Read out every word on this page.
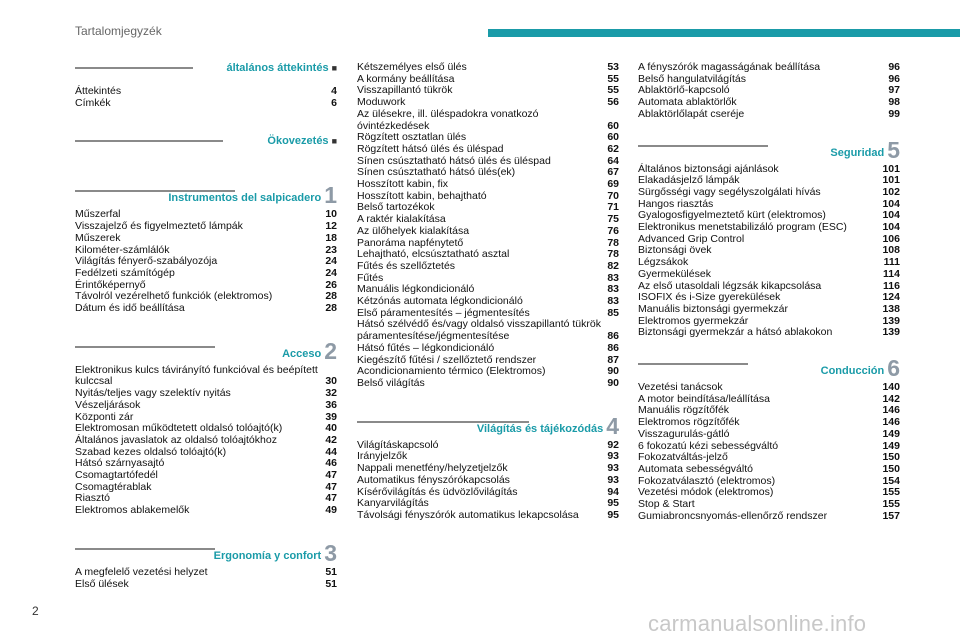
Tartalomjegyzék
általános áttekintés ■
Áttekintés	4
Címkék	6
Ökovezetés ■
Instrumentos del salpicadero 1
Műszerfal	10
Visszajelző és figyelmeztető lámpák	12
Műszerek	18
Kilométer-számlálók	23
Világítás fényerő-szabályozója	24
Fedélzeti számítógép	24
Érintőképernyő	26
Távolról vezérelhető funkciók (elektromos)	28
Dátum és idő beállítása	28
Acceso 2
Elektronikus kulcs távirányító funkcióval és beépített kulccsal	30
Nyitás/teljes vagy szelektív nyitás	32
Vészeljárások	36
Központi zár	39
Elektromosan működtetett oldalsó tolóajtó(k)	40
Általános javaslatok az oldalsó tolóajtókhoz	42
Szabad kezes oldalsó tolóajtó(k)	44
Hátsó szárnyasajtó	46
Csomagtartófedél	47
Csomagtérablak	47
Riasztó	47
Elektromos ablakemelők	49
Ergonomía y confort 3
A megfelelő vezetési helyzet	51
Első ülések	51
Kétszemélyes első ülés	53
A kormány beállítása	55
Visszapillantó tükrök	55
Moduwork	56
Az ülésekre, ill. üléspadokra vonatkozó óvintézkedések	60
Rögzített osztatlan ülés	60
Rögzített hátsó ülés és üléspad	62
Sínen csúsztatható hátsó ülés és üléspad	64
Sínen csúsztatható hátsó ülés(ek)	67
Hosszított kabin, fix	69
Hosszított kabin, behajtható	70
Belső tartozékok	71
A raktér kialakítása	75
Az ülőhelyek kialakítása	76
Panoráma napfénytető	78
Lehajtható, elcsúsztatható asztal	78
Fűtés és szellőztetés	82
Fűtés	83
Manuális légkondicionáló	83
Kétzónás automata légkondicionáló	83
Első páramentesítés – jégmentesítés	85
Hátsó szélvédő és/vagy oldalsó visszapillantó tükrök páramentesítése/jégmentesítése	86
Hátsó fűtés – légkondicionáló	86
Kiegészítő fűtési / szellőztető rendszer	87
Acondicionamiento térmico (Elektromos)	90
Belső világítás	90
Világítás és tájékozódás 4
Világításkapcsoló	92
Irányjelzők	93
Nappali menetfény/helyzetjelzők	93
Automatikus fényszórókapcsolás	93
Kísérővilágítás és üdvözlővilágítás	94
Kanyarvilágítás	95
Távolsági fényszórók automatikus lekapcsolása	95
A fényszórók magasságának beállítása	96
Belső hangulatvilágítás	96
Ablaktörlő-kapcsoló	97
Automata ablaktörlők	98
Ablaktörlőlapát cseréje	99
Seguridad 5
Általános biztonsági ajánlások	101
Elakadásjelző lámpák	101
Sürgősségi vagy segélyszolgálati hívás	102
Hangos riasztás	104
Gyalogosfigyelmeztető kürt (elektromos)	104
Elektronikus menetstabilizáló program (ESC)	104
Advanced Grip Control	106
Biztonsági övek	108
Légzsákok	111
Gyermekülések	114
Az első utasoldali légzsák kikapcsolása	116
ISOFIX és i-Size gyerekülések	124
Manuális biztonsági gyermekzár	138
Elektromos gyermekzár	139
Biztonsági gyermekzár a hátsó ablakokon	139
Conducción 6
Vezetési tanácsok	140
A motor beindítása/leállítása	142
Manuális rögzítőfék	146
Elektromos rögzítőfék	146
Visszagurulás-gátló	149
6 fokozatú kézi sebességváltó	149
Fokozatváltás-jelző	150
Automata sebességváltó	150
Fokozatválasztó (elektromos)	154
Vezetési módok (elektromos)	155
Stop & Start	155
Gumiabroncsnyomás-ellenőrző rendszer	157
2	carmanualsonline.info
